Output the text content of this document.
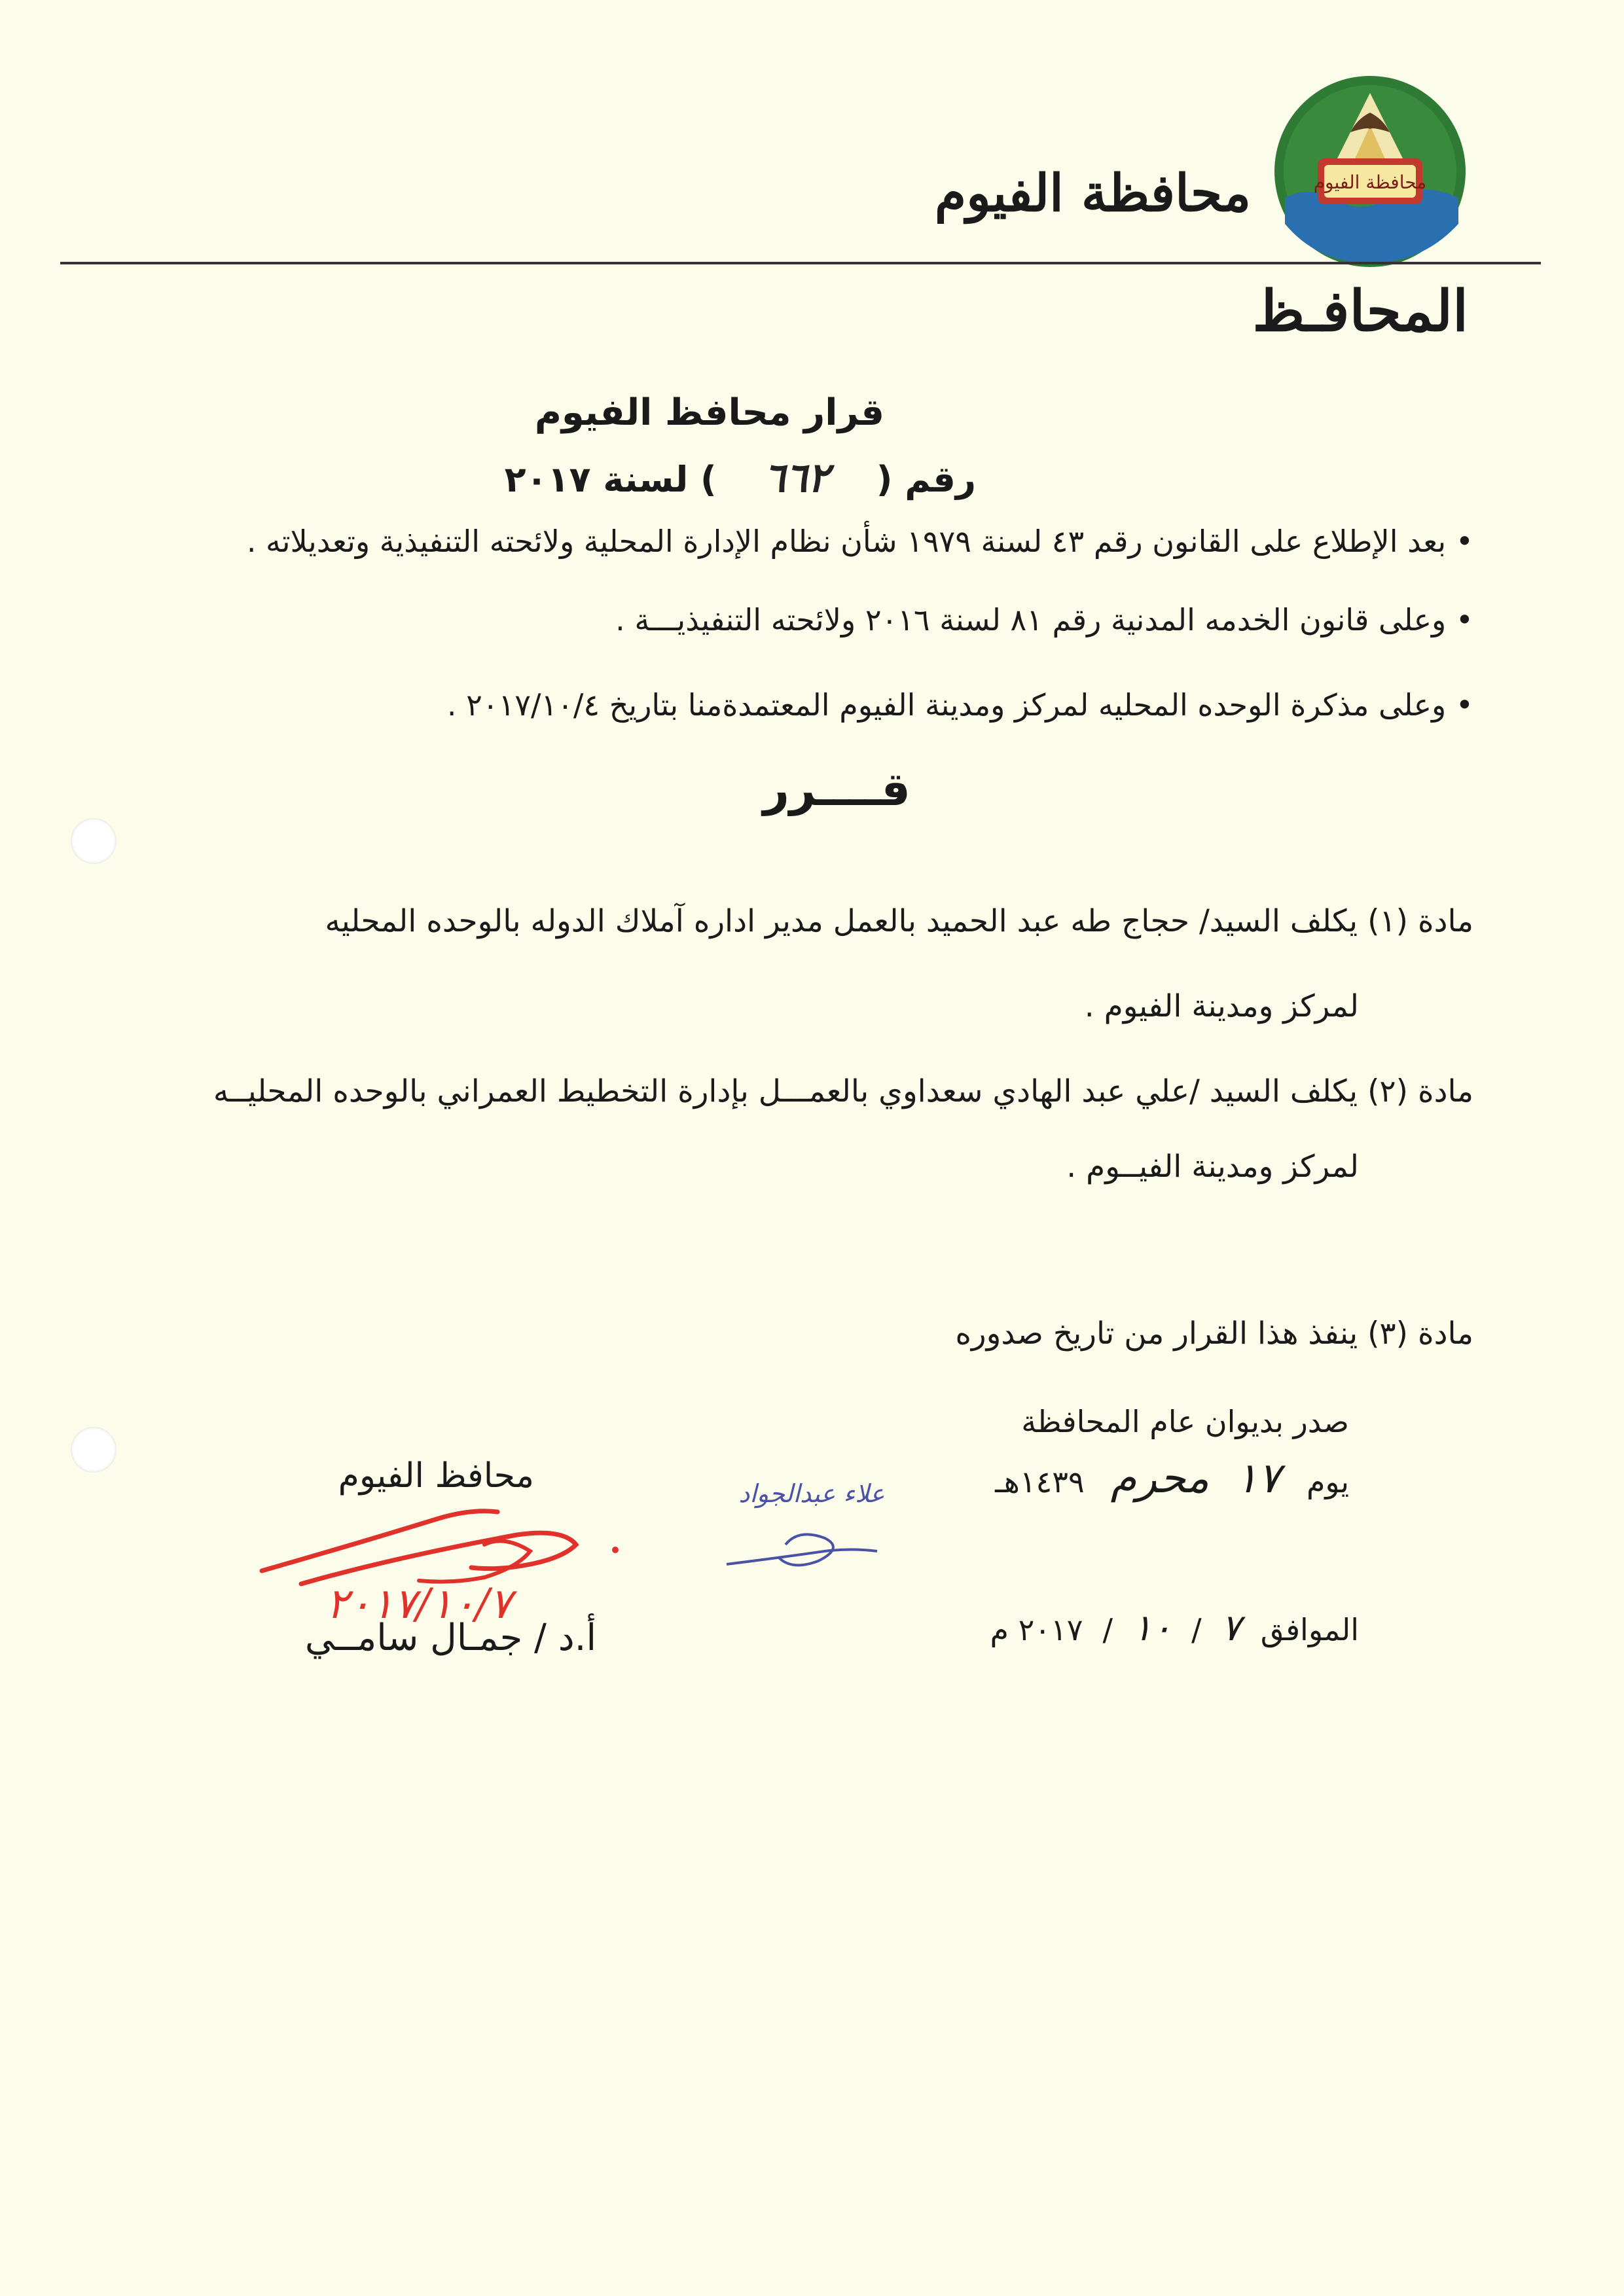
محافظة الفيوم
محافظة الفيوم
المحافـظ
قرار محافظ الفيوم
رقم (
٦٦٢
) لسنة ٢٠١٧
• بعد الإطلاع على القانون رقم ٤٣ لسنة ١٩٧٩ شأن نظام الإدارة المحلية ولائحته التنفيذية وتعديلاته .
• وعلى قانون الخدمه المدنية رقم ٨١ لسنة ٢٠١٦ ولائحته التنفيذيـــة .
• وعلى مذكرة الوحده المحليه لمركز ومدينة الفيوم المعتمدةمنا بتاريخ ٢٠١٧/١٠/٤ .
قــــرر
مادة (١) يكلف السيد/ حجاج طه عبد الحميد بالعمل مدير اداره آملاك الدوله بالوحده المحليه
لمركز ومدينة الفيوم .
مادة (٢) يكلف السيد /علي عبد الهادي سعداوي بالعمـــل بإدارة التخطيط العمراني بالوحده المحليــه
لمركز ومدينة الفيــوم .
مادة (٣) ينفذ هذا القرار من تاريخ صدوره
صدر بديوان عام المحافظة
يوم
١٧
محرم
١٤٣٩هـ
الموافق
٧
/
١٠
/
٢٠١٧ م
محافظ الفيوم
أ.د / جمـال سامــي
٢٠١٧/١٠/٧
علاء عبدالجواد
